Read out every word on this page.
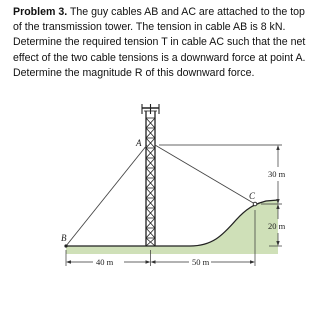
Problem 3. The guy cables AB and AC are attached to the top of the transmission tower. The tension in cable AB is 8 kN. Determine the required tension T in cable AC such that the net effect of the two cable tensions is a downward force at point A. Determine the magnitude R of this downward force.
A
B
C
40 m	50 m
30 m
20 m
